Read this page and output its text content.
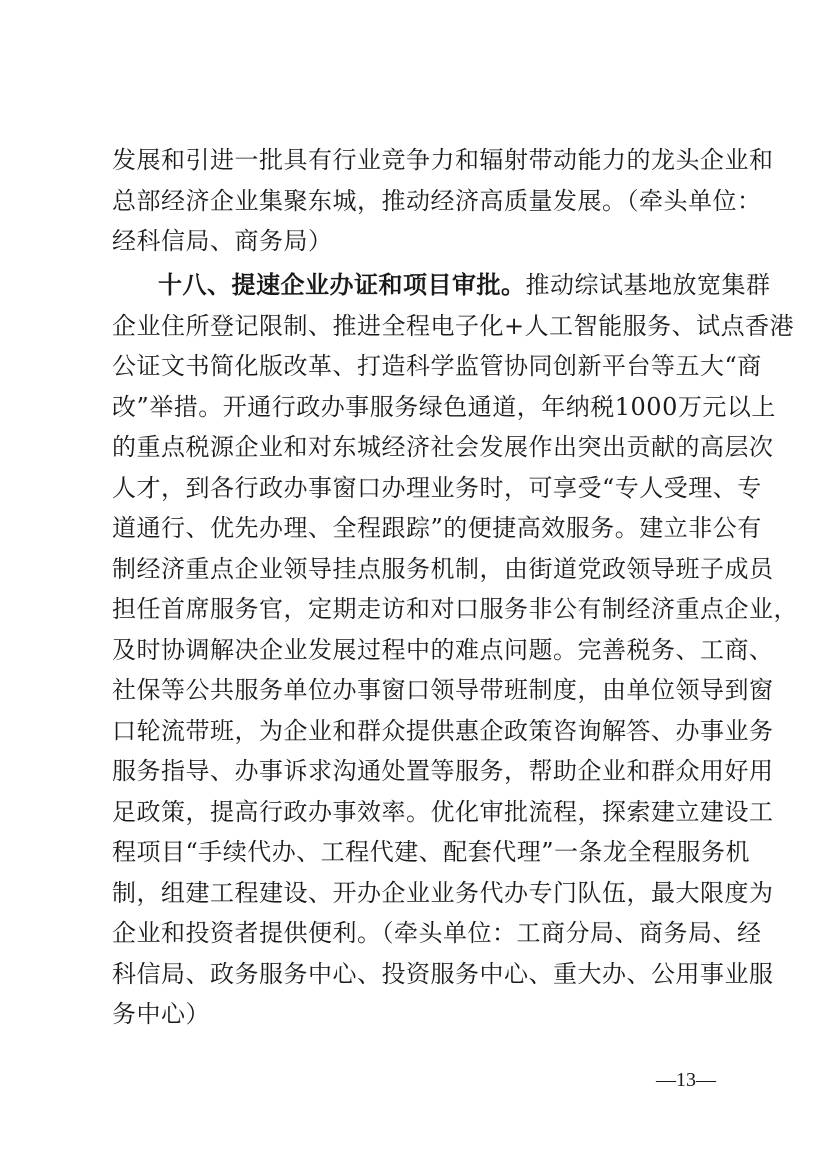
发展和引进一批具有行业竞争力和辐射带动能力的龙头企业和
总部经济企业集聚东城，推动经济高质量发展。（牵头单位：
经科信局、商务局）
十八、提速企业办证和项目审批。推动综试基地放宽集群
企业住所登记限制、推进全程电子化+人工智能服务、试点香港
公证文书简化版改革、打造科学监管协同创新平台等五大“商
改”举措。开通行政办事服务绿色通道，年纳税1000万元以上
的重点税源企业和对东城经济社会发展作出突出贡献的高层次
人才，到各行政办事窗口办理业务时，可享受“专人受理、专
道通行、优先办理、全程跟踪”的便捷高效服务。建立非公有
制经济重点企业领导挂点服务机制，由街道党政领导班子成员
担任首席服务官，定期走访和对口服务非公有制经济重点企业，
及时协调解决企业发展过程中的难点问题。完善税务、工商、
社保等公共服务单位办事窗口领导带班制度，由单位领导到窗
口轮流带班，为企业和群众提供惠企政策咨询解答、办事业务
服务指导、办事诉求沟通处置等服务，帮助企业和群众用好用
足政策，提高行政办事效率。优化审批流程，探索建立建设工
程项目“手续代办、工程代建、配套代理”一条龙全程服务机
制，组建工程建设、开办企业业务代办专门队伍，最大限度为
企业和投资者提供便利。（牵头单位：工商分局、商务局、经
科信局、政务服务中心、投资服务中心、重大办、公用事业服
务中心）
—13—
